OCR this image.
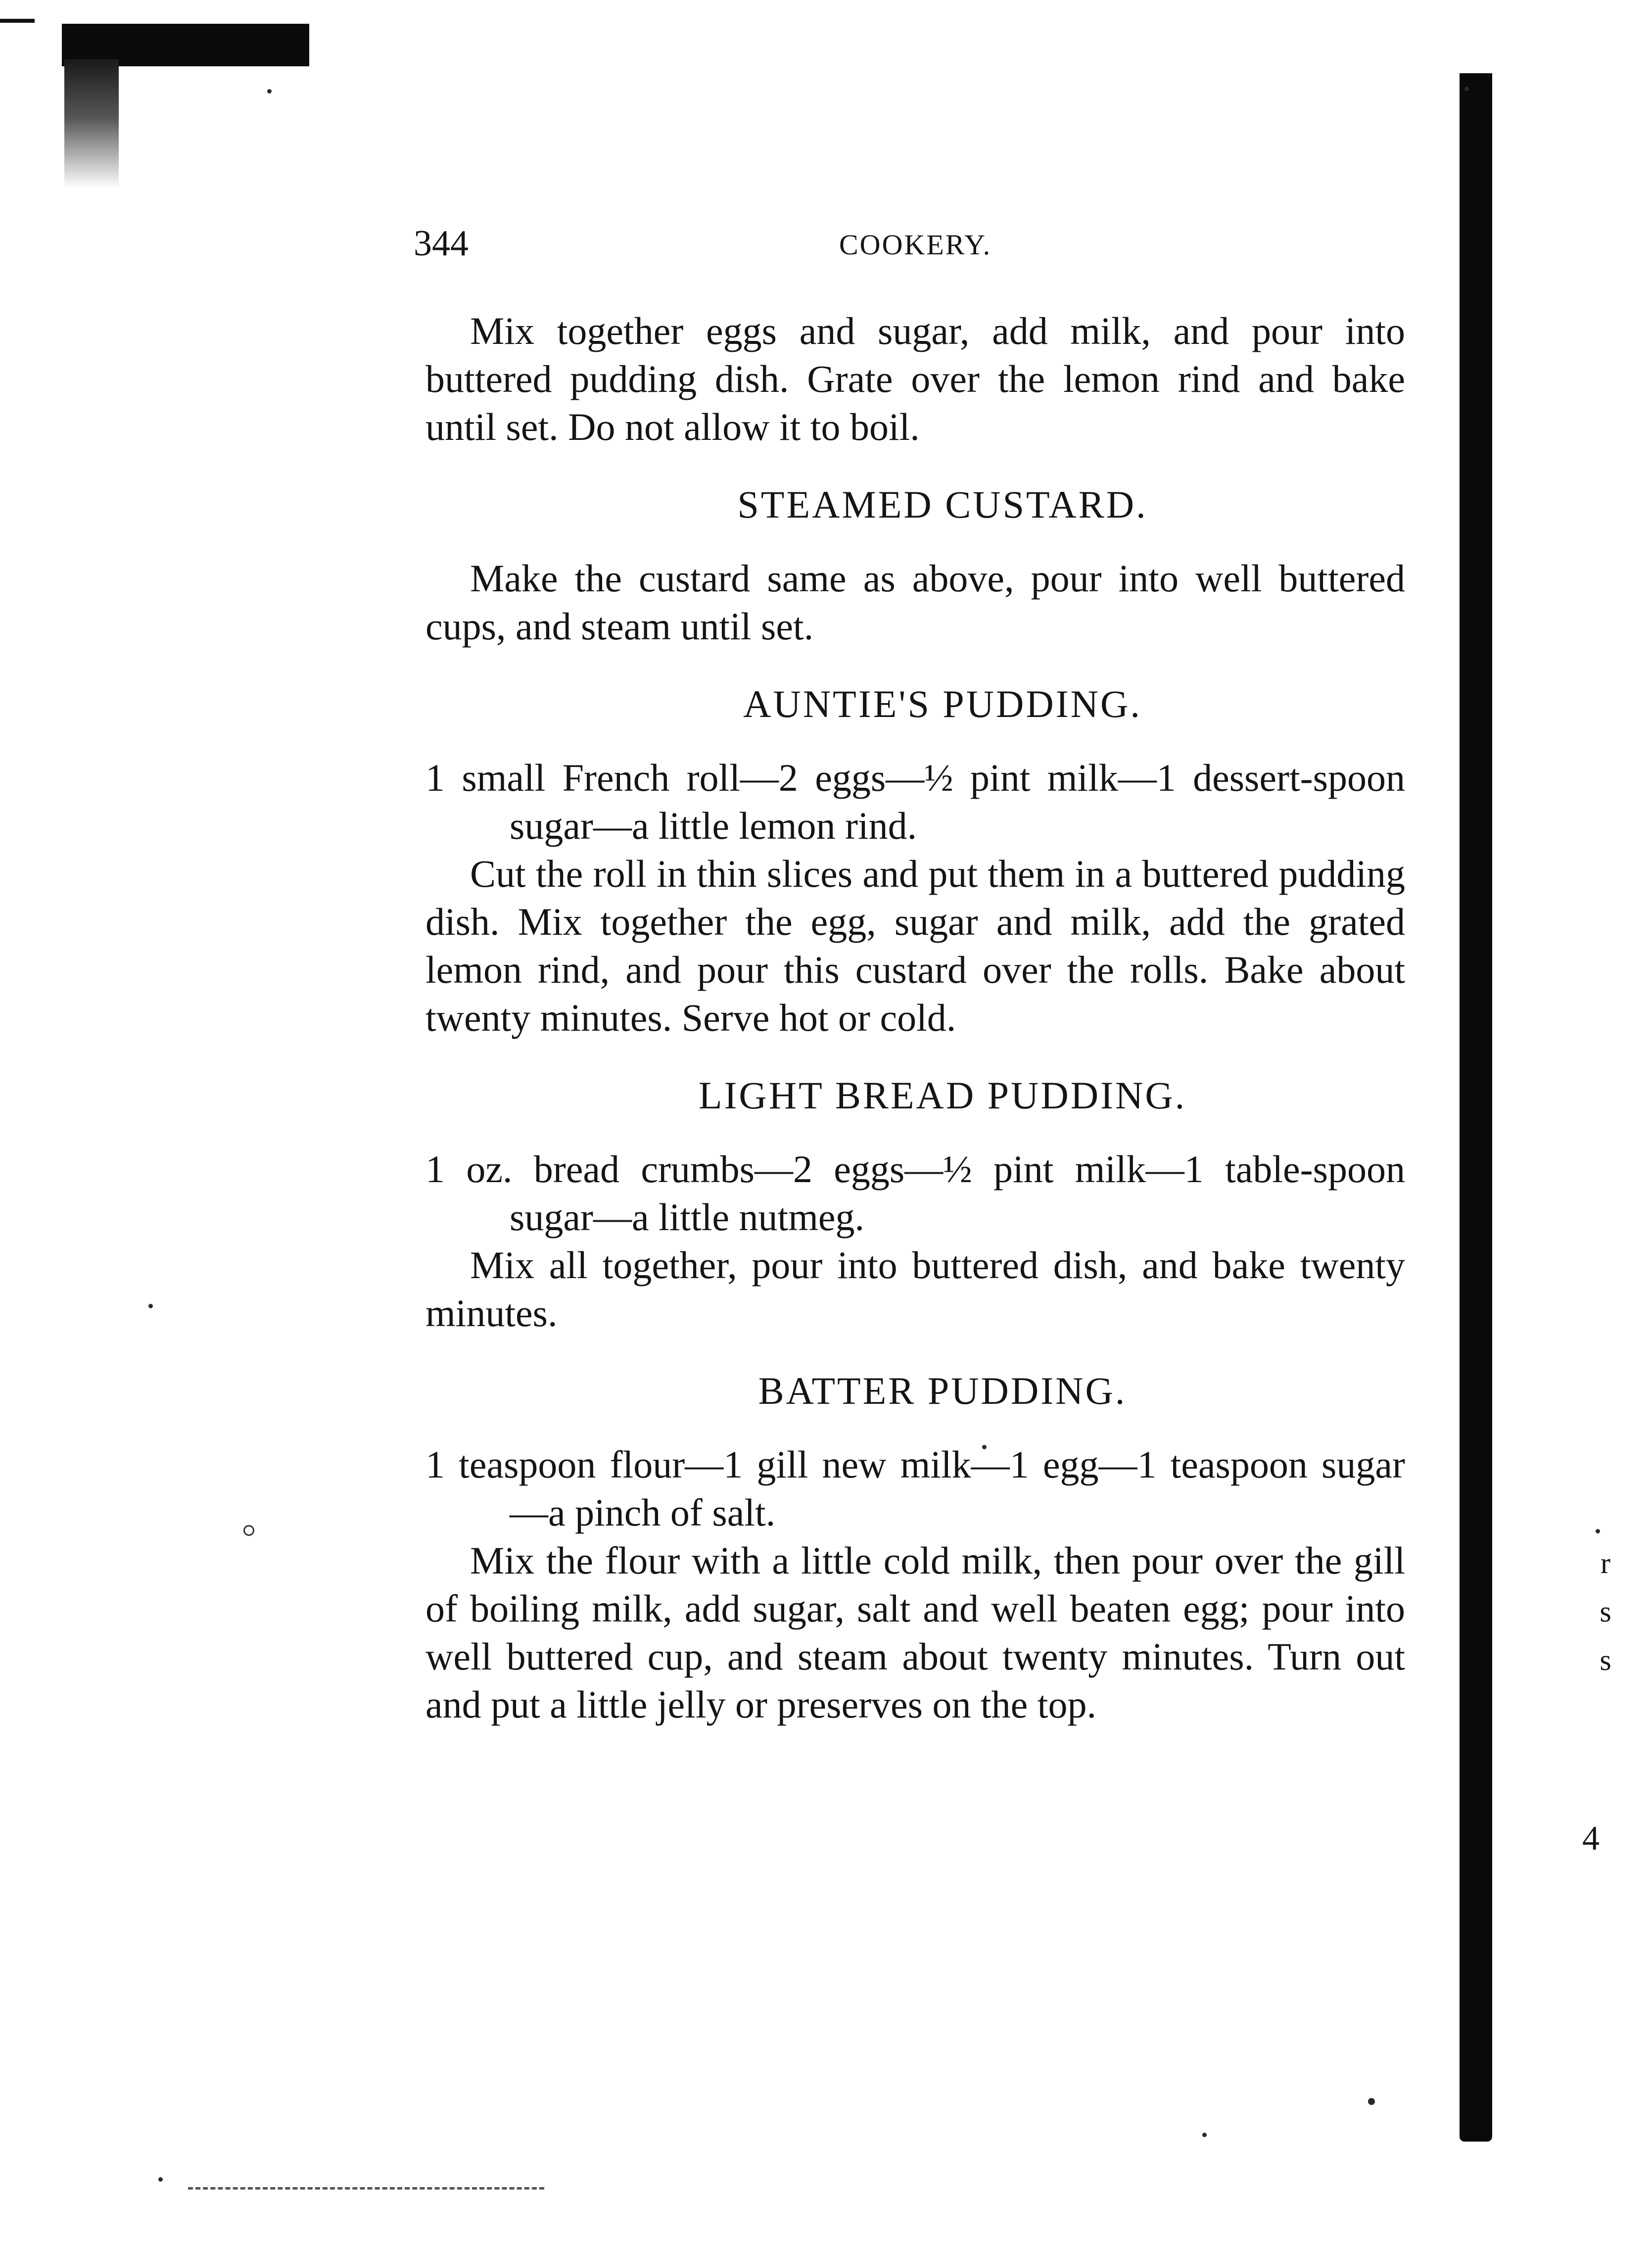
344	COOKERY.

Mix together eggs and sugar, add milk, and pour into buttered pudding dish. Grate over the lemon rind and bake until set. Do not allow it to boil.

STEAMED CUSTARD.

Make the custard same as above, pour into well buttered cups, and steam until set.

AUNTIE'S PUDDING.

1 small French roll—2 eggs—½ pint milk—1 dessert-spoon sugar—a little lemon rind.

Cut the roll in thin slices and put them in a buttered pudding dish. Mix together the egg, sugar and milk, add the grated lemon rind, and pour this custard over the rolls. Bake about twenty minutes. Serve hot or cold.

LIGHT BREAD PUDDING.

1 oz. bread crumbs—2 eggs—½ pint milk—1 table-spoon sugar—a little nutmeg.

Mix all together, pour into buttered dish, and bake twenty minutes.

BATTER PUDDING.

1 teaspoon flour—1 gill new milk—1 egg—1 teaspoon sugar—a pinch of salt.

Mix the flour with a little cold milk, then pour over the gill of boiling milk, add sugar, salt and well beaten egg; pour into well buttered cup, and steam about twenty minutes. Turn out and put a little jelly or preserves on the top.

r
s
s
4
